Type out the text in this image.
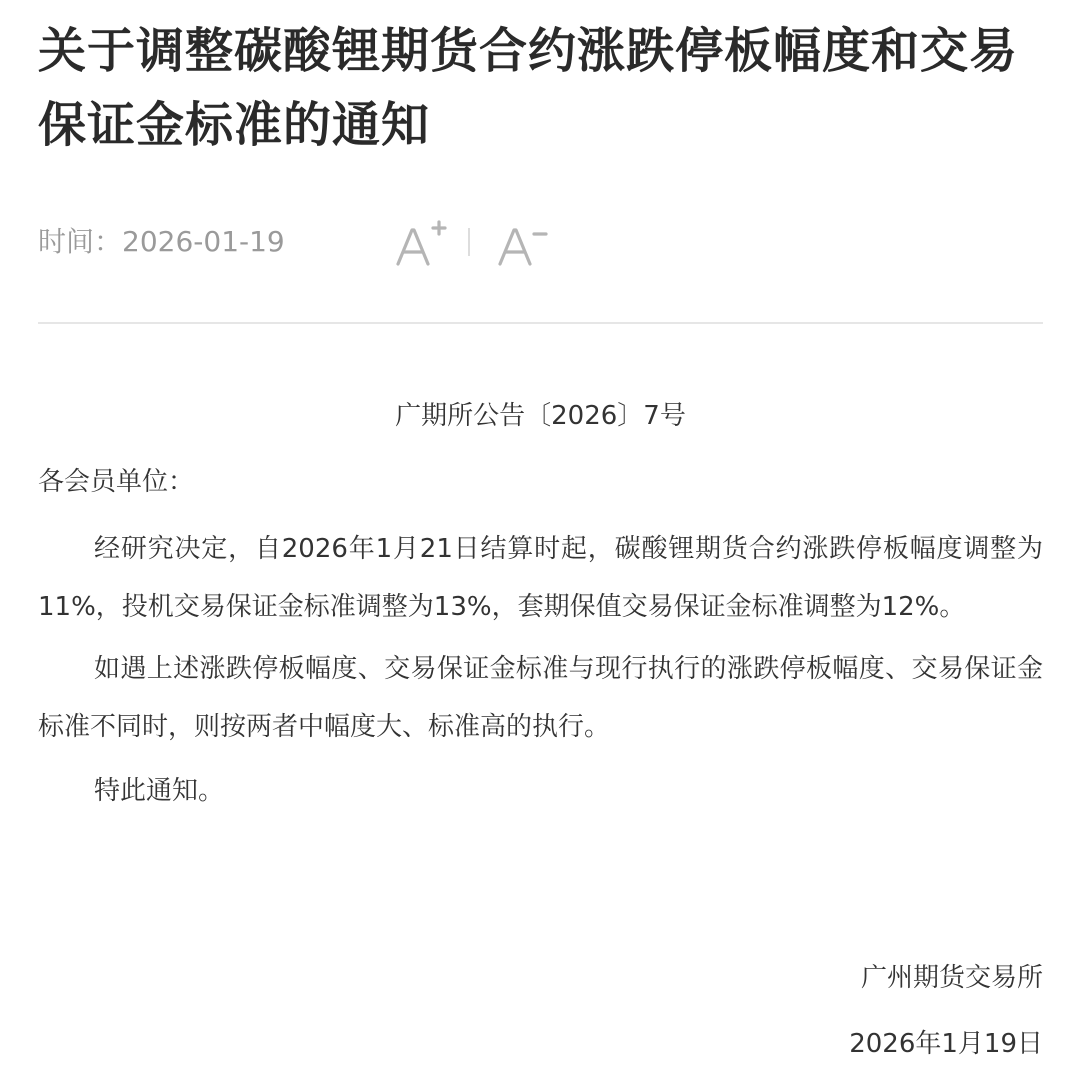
关于调整碳酸锂期货合约涨跌停板幅度和交易保证金标准的通知
时间：2026-01-19
广期所公告〔2026〕7号
各会员单位：

经研究决定，自2026年1月21日结算时起，碳酸锂期货合约涨跌停板幅度调整为11%，投机交易保证金标准调整为13%，套期保值交易保证金标准调整为12%。

如遇上述涨跌停板幅度、交易保证金标准与现行执行的涨跌停板幅度、交易保证金标准不同时，则按两者中幅度大、标准高的执行。

特此通知。

广州期货交易所
2026年1月19日
